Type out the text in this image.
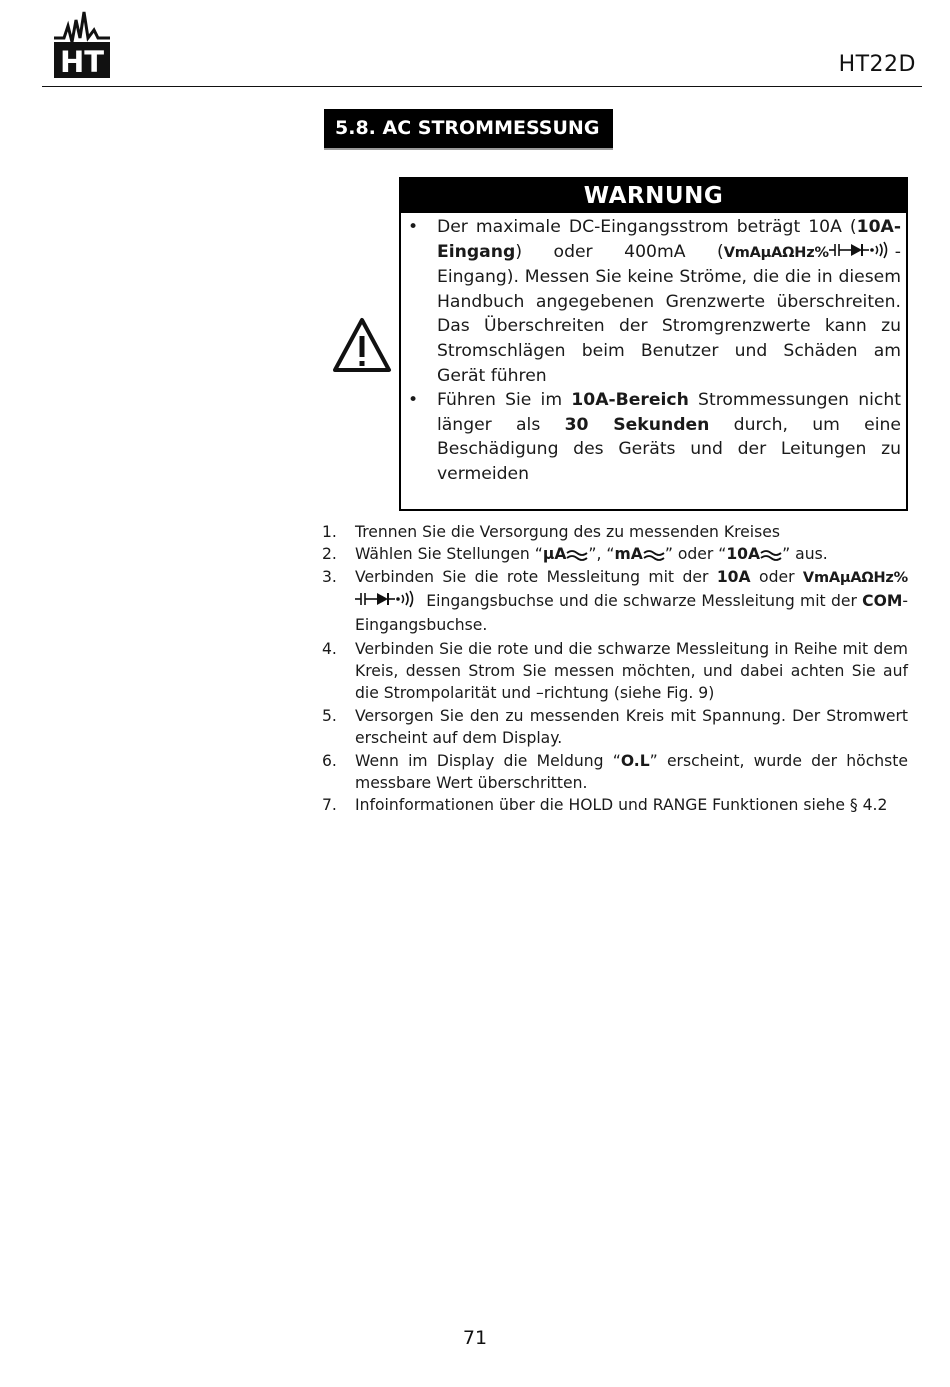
HT	HT22D
5.8. AC STROMMESSUNG
WARNUNG
• Der maximale DC-Eingangsstrom beträgt 10A (10A-Eingang) oder 400mA (VmAµAΩHz%	-Eingang). Messen Sie keine Ströme, die die in diesem Handbuch angegebenen Grenzwerte überschreiten. Das Überschreiten der Stromgrenzwerte kann zu Stromschlägen beim Benutzer und Schäden am Gerät führen
• Führen Sie im 10A-Bereich Strommessungen nicht länger als 30 Sekunden durch, um eine Beschädigung des Geräts und der Leitungen zu vermeiden
1. Trennen Sie die Versorgung des zu messenden Kreises
2. Wählen Sie Stellungen “µA ”, “mA ” oder “10A ” aus.
3. Verbinden Sie die rote Messleitung mit der 10A oder VmAµAΩHz% Eingangsbuchse und die schwarze Messleitung mit der COM-Eingangsbuchse.
4. Verbinden Sie die rote und die schwarze Messleitung in Reihe mit dem Kreis, dessen Strom Sie messen möchten, und dabei achten Sie auf die Strompolarität und –richtung (siehe Fig. 9)
5. Versorgen Sie den zu messenden Kreis mit Spannung. Der Stromwert erscheint auf dem Display.
6. Wenn im Display die Meldung “O.L” erscheint, wurde der höchste messbare Wert überschritten.
7. Infoinformationen über die HOLD und RANGE Funktionen siehe § 4.2
71
